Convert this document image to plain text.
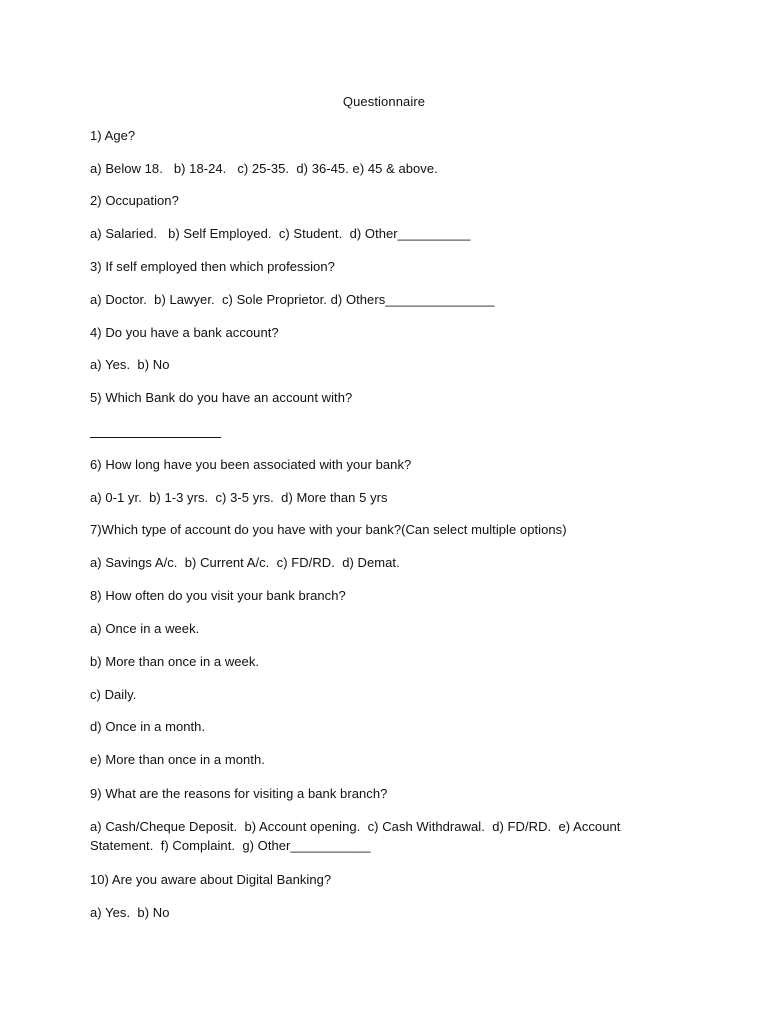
Questionnaire
1) Age?
a) Below 18.   b) 18-24.   c) 25-35.  d) 36-45. e) 45 & above.
2) Occupation?
a) Salaried.   b) Self Employed.  c) Student.  d) Other__________
3) If self employed then which profession?
a) Doctor.  b) Lawyer.  c) Sole Proprietor. d) Others_______________
4) Do you have a bank account?
a) Yes.  b) No
5) Which Bank do you have an account with?
6) How long have you been associated with your bank?
a) 0-1 yr.  b) 1-3 yrs.  c) 3-5 yrs.  d) More than 5 yrs
7)Which type of account do you have with your bank?(Can select multiple options)
a) Savings A/c.  b) Current A/c.  c) FD/RD.  d) Demat.
8) How often do you visit your bank branch?
a) Once in a week.
b) More than once in a week.
c) Daily.
d) Once in a month.
e) More than once in a month.
9) What are the reasons for visiting a bank branch?
a) Cash/Cheque Deposit.  b) Account opening.  c) Cash Withdrawal.  d) FD/RD.  e) Account Statement.  f) Complaint.  g) Other___________
10) Are you aware about Digital Banking?
a) Yes.  b) No
